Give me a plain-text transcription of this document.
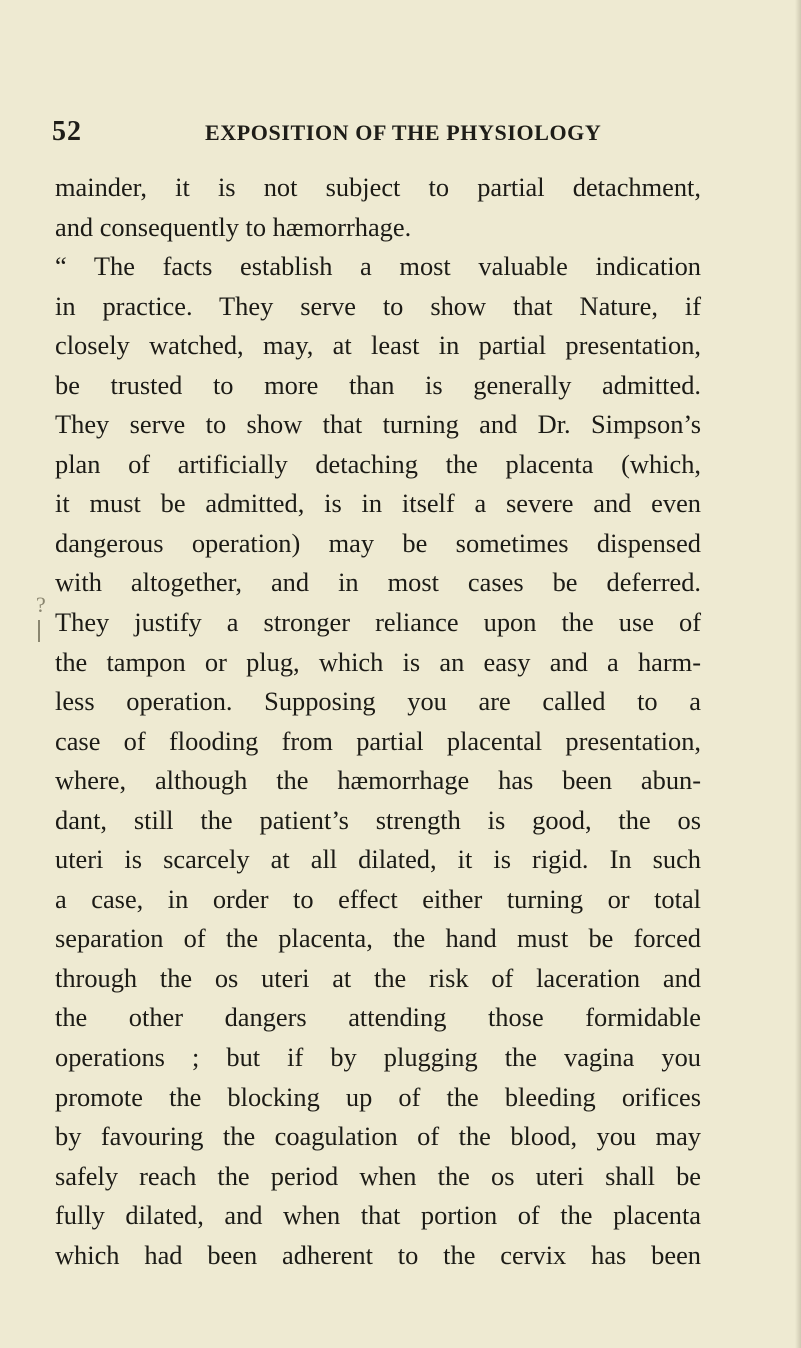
52	EXPOSITION OF THE PHYSIOLOGY
?
mainder, it is not subject to partial detachment,
and consequently to hæmorrhage.
“ The facts establish a most valuable indication
in practice. They serve to show that Nature, if
closely watched, may, at least in partial presentation,
be trusted to more than is generally admitted.
They serve to show that turning and Dr. Simpson’s
plan of artificially detaching the placenta (which,
it must be admitted, is in itself a severe and even
dangerous operation) may be sometimes dispensed
with altogether, and in most cases be deferred.
They justify a stronger reliance upon the use of
the tampon or plug, which is an easy and a harm-
less operation. Supposing you are called to a
case of flooding from partial placental presentation,
where, although the hæmorrhage has been abun-
dant, still the patient’s strength is good, the os
uteri is scarcely at all dilated, it is rigid. In such
a case, in order to effect either turning or total
separation of the placenta, the hand must be forced
through the os uteri at the risk of laceration and
the other dangers attending those formidable
operations ; but if by plugging the vagina you
promote the blocking up of the bleeding orifices
by favouring the coagulation of the blood, you may
safely reach the period when the os uteri shall be
fully dilated, and when that portion of the placenta
which had been adherent to the cervix has been
